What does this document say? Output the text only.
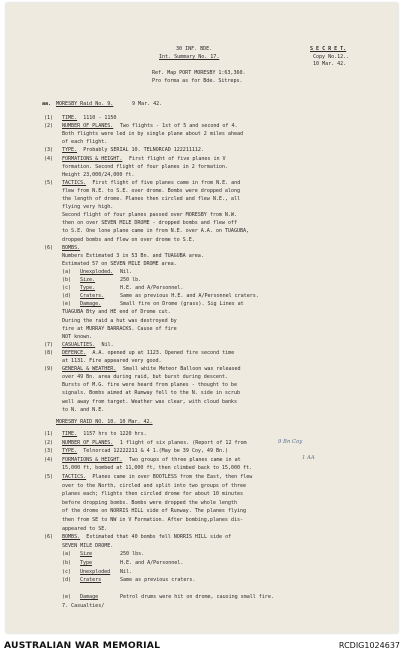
30 INF. BDE.
Int. Summary No. 17.
S E C R E T.
Copy No.12..
10 Mar. 42.
Ref. Map PORT MORESBY 1:63,360.
Pro forma as for Bde. Sitreps.
aa. MORESBY Raid No. 9.	9 Mar. 42.
(1) TIME. 1110 - 1150
(2) NUMBER OF PLANES. Two flights - 1st of 5 and second of 4.
Both flights were led in by single plane about 2 miles ahead
of each flight.
(3) TYPE. Probably SERIAL 10. TELNORCAD 122211112.
(4) FORMATIONS & HEIGHT. First flight of five planes in V
formation. Second flight of four planes in 2 formation.
Height 23,000/24,000 ft.
(5) TACTICS. First flight of five planes came in from N.E. and
flew from N.E. to S.E. over drome. Bombs were dropped along
the length of drome. Planes then circled and flew N.E., all
flying very high.
Second flight of four planes passed over MORESBY from N.W.
then on over SEVEN MILE DROME - dropped bombs and flew off
to S.E. One lone plane came in from N.E. over A.A. on TUAGUBA,
dropped bombs and flew on over drome to S.E.
(6) BOMBS.
Numbers Estimated 3 in 53 Bn. and TUAGUBA area.
Estimated 57 on SEVEN MILE DROME area.
(a) Unexploded. Nil.
(b) Size.	250 lb.
(c) Type.	H.E. and A/Personnel.
(d) Craters.	Same as previous H.E. and A/Personnel craters.
(e) Damage.	Small fire on Drome (grass). Sig Lines at
TUAGUBA Bty and HE end of Drome cut.
During the raid a hut was destroyed by
fire at MURRAY BARRACKS. Cause of fire
NOT known.
(7) CASUALTIES. Nil.
(8) DEFENCE. A.A. opened up at 1123. Opened fire second time
at 1131. Fire appeared very good.
(9) GENERAL & WEATHER. Small white Meteor Balloon was released
over 49 Bn. area during raid, but burst during descent.
Bursts of M.G. fire were heard from planes - thought to be
signals. Bombs aimed at Rumway fell to the N. side in scrub
well away from target. Weather was clear, with cloud banks
to N. and N.E.
MORESBY RAID NO. 10. 10 Mar. 42.
(1) TIME. 1157 hrs to 1220 hrs.
(2) NUMBER OF PLANES. 1 flight of six planes. (Report of 12 from
(3) TYPE. Telnorcad 12222211 & 4 1.(May be 39 Coy, 49 Bn.)
(4) FORMATIONS & HEIGHT. Two groups of three planes came in at
15,000 ft, bombed at 11,000 ft, then climbed back to 15,000 ft.
(5) TACTICS. Planes came in over BOOTLESS from the East, then flew
over to the North, circled and split into two groups of three
planes each; flights then circled drome for about 10 minutes
before dropping bombs. Bombs were dropped the whole length
of the drome on NORRIS HILL side of Runway. The planes flying
then from SE to NW in V Formation. After bombing,planes dis-
appeared to SE.
(6) BOMBS. Estimated that 40 bombs fell NORRIS HILL side of
SEVEN MILE DROME.
(a) Size	250 lbs.
(b) Type	H.E. and A/Personnel.
(c) Unexploded Nil.
(d) Craters	Same as previous craters.
(e) Damage	Petrol drums were hit on drome, causing small fire.
7. Casualties/
9 Bn Coy
1 AA
AUSTRALIAN WAR MEMORIAL	RCDIG1024637
